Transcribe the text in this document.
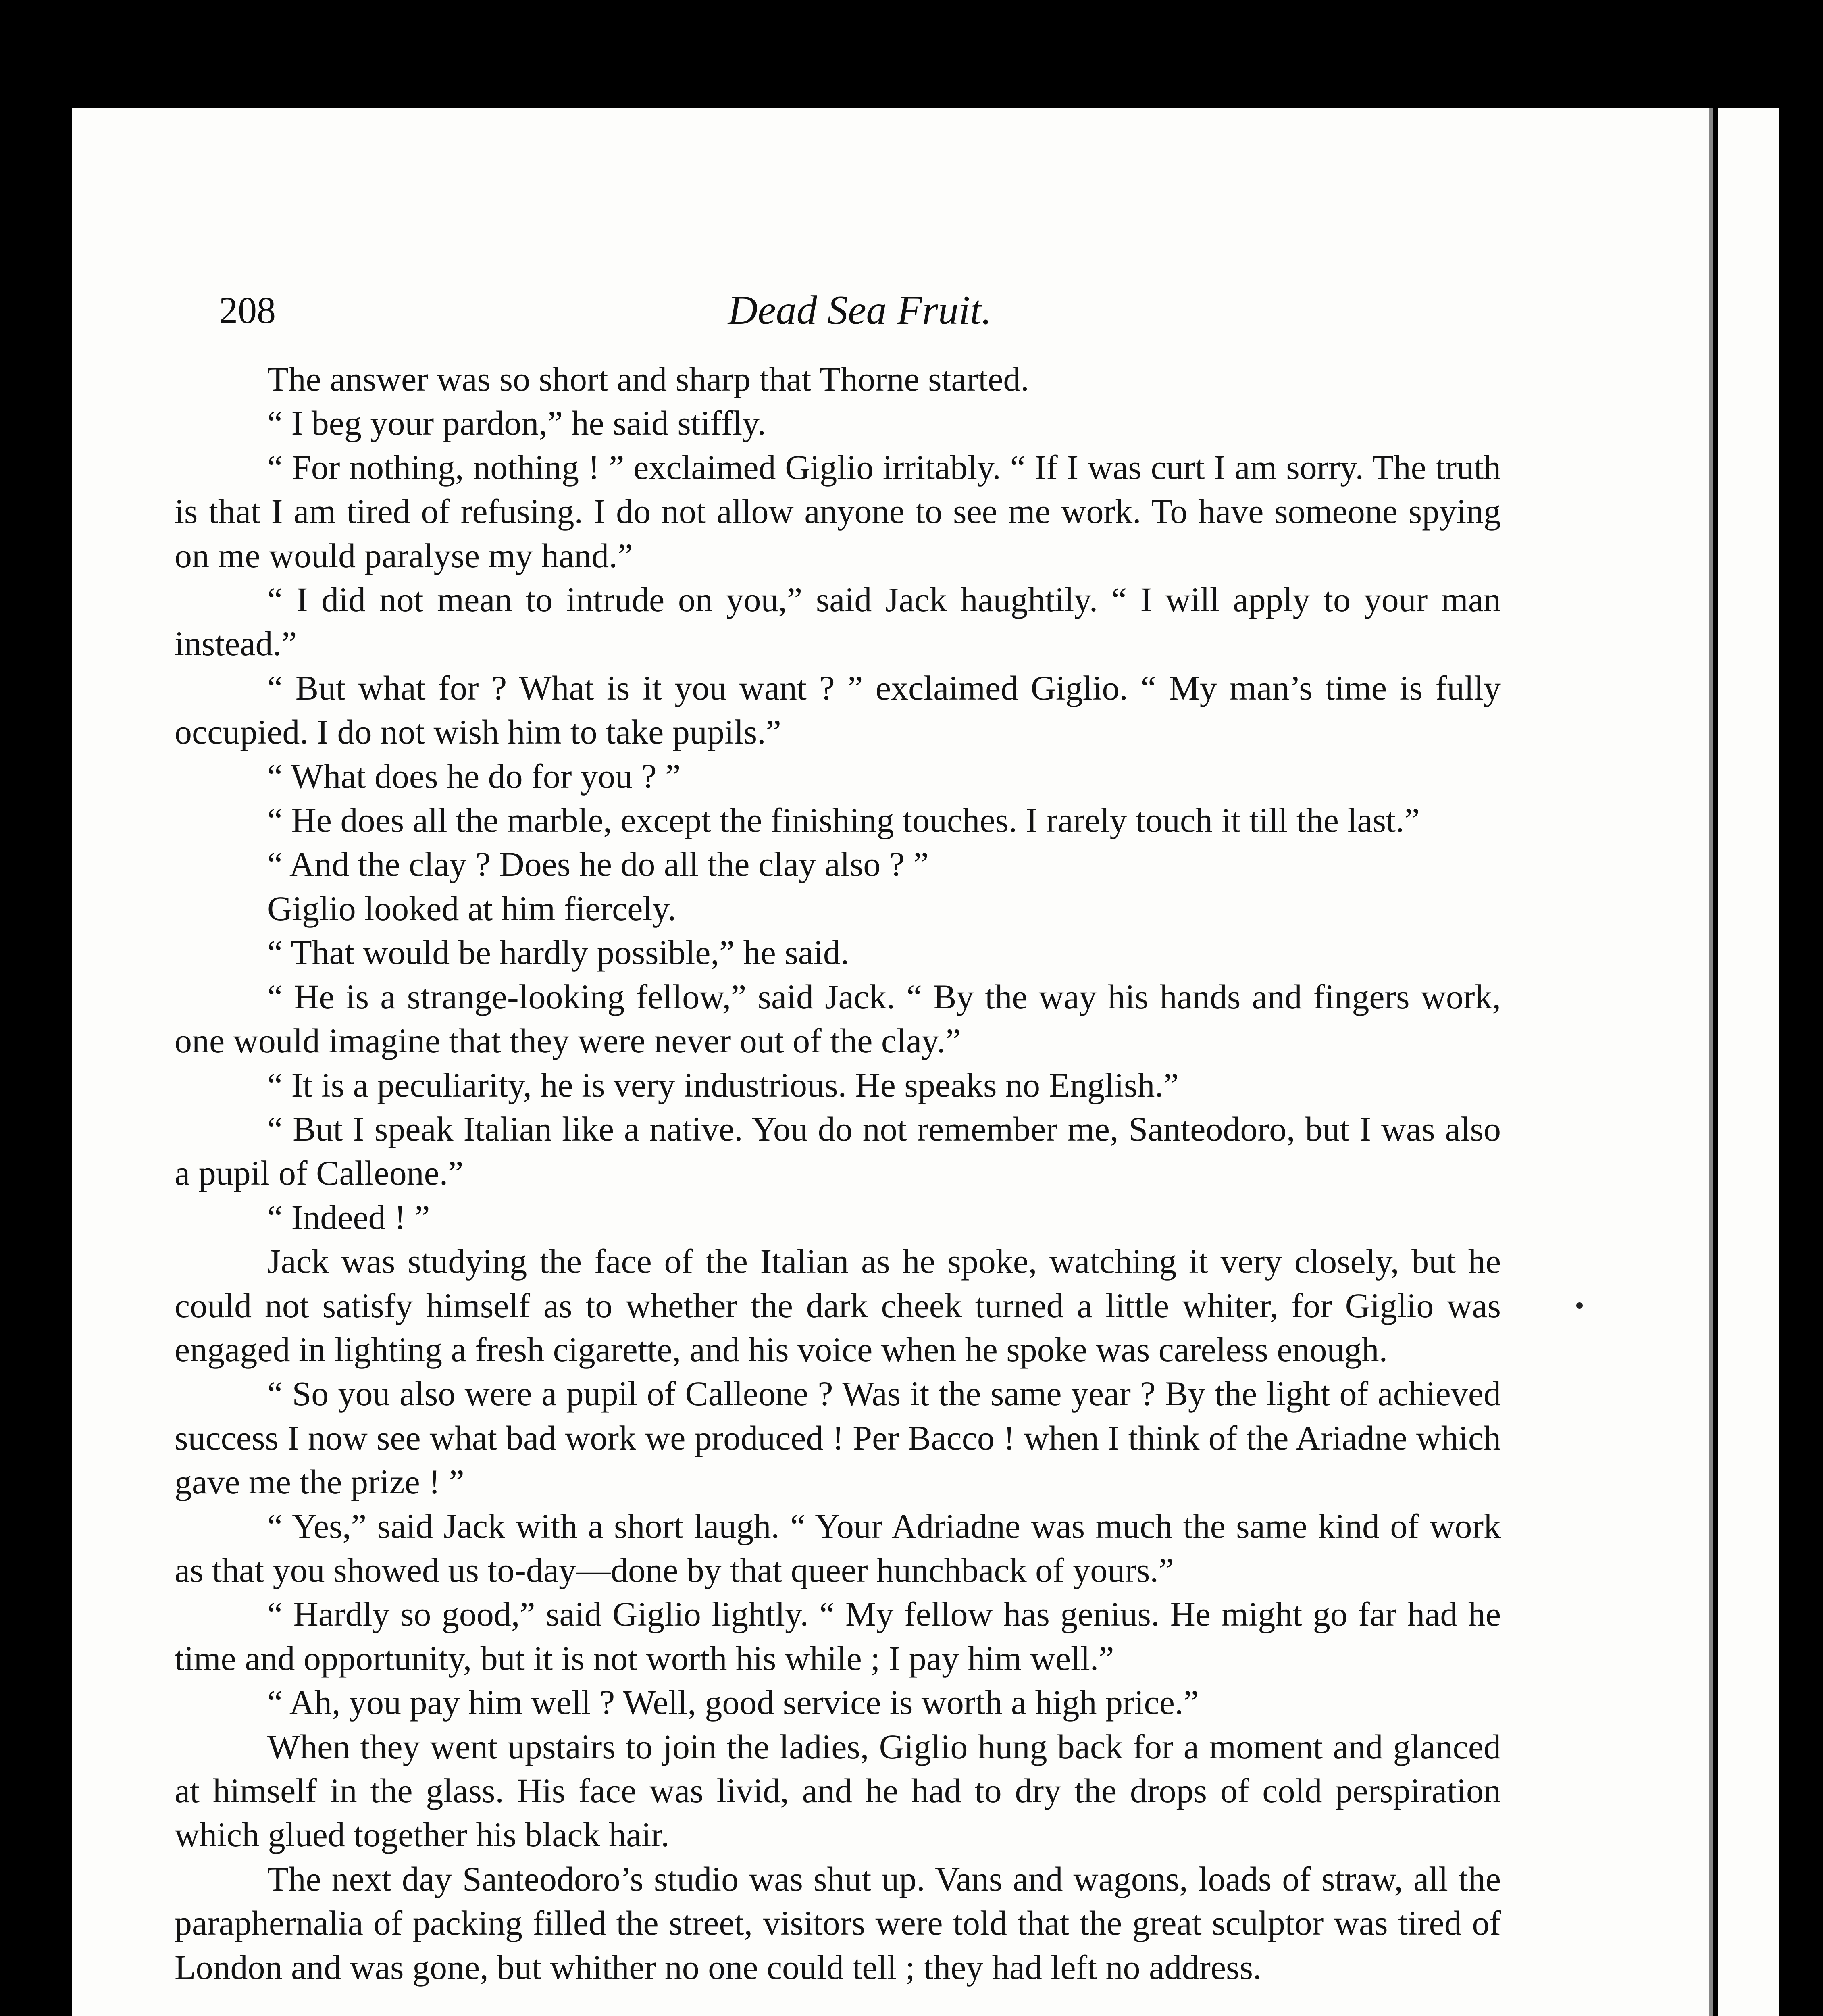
208	Dead Sea Fruit.

The answer was so short and sharp that Thorne started.

“ I beg your pardon,” he said stiffly.

“ For nothing, nothing ! ” exclaimed Giglio irritably. “ If I was curt I am sorry. The truth is that I am tired of refusing. I do not allow anyone to see me work. To have someone spying on me would paralyse my hand.”

“ I did not mean to intrude on you,” said Jack haughtily. “ I will apply to your man instead.”

“ But what for ? What is it you want ? ” exclaimed Giglio. “ My man’s time is fully occupied. I do not wish him to take pupils.”

“ What does he do for you ? ”

“ He does all the marble, except the finishing touches. I rarely touch it till the last.”

“ And the clay ? Does he do all the clay also ? ”

Giglio looked at him fiercely.

“ That would be hardly possible,” he said.

“ He is a strange-looking fellow,” said Jack. “ By the way his hands and fingers work, one would imagine that they were never out of the clay.”

“ It is a peculiarity, he is very industrious. He speaks no English.”

“ But I speak Italian like a native. You do not remember me, Santeodoro, but I was also a pupil of Calleone.”

“ Indeed ! ”

Jack was studying the face of the Italian as he spoke, watching it very closely, but he could not satisfy himself as to whether the dark cheek turned a little whiter, for Giglio was engaged in lighting a fresh cigarette, and his voice when he spoke was careless enough.

“ So you also were a pupil of Calleone ? Was it the same year ? By the light of achieved success I now see what bad work we produced ! Per Bacco ! when I think of the Ariadne which gave me the prize ! ”

“ Yes,” said Jack with a short laugh. “ Your Adriadne was much the same kind of work as that you showed us to-day—done by that queer hunchback of yours.”

“ Hardly so good,” said Giglio lightly. “ My fellow has genius. He might go far had he time and opportunity, but it is not worth his while ; I pay him well.”

“ Ah, you pay him well ? Well, good service is worth a high price.”

When they went upstairs to join the ladies, Giglio hung back for a moment and glanced at himself in the glass. His face was livid, and he had to dry the drops of cold perspiration which glued together his black hair.

The next day Santeodoro’s studio was shut up. Vans and wagons, loads of straw, all the paraphernalia of packing filled the street, visitors were told that the great sculptor was tired of London and was gone, but whither no one could tell ; they had left no address.
